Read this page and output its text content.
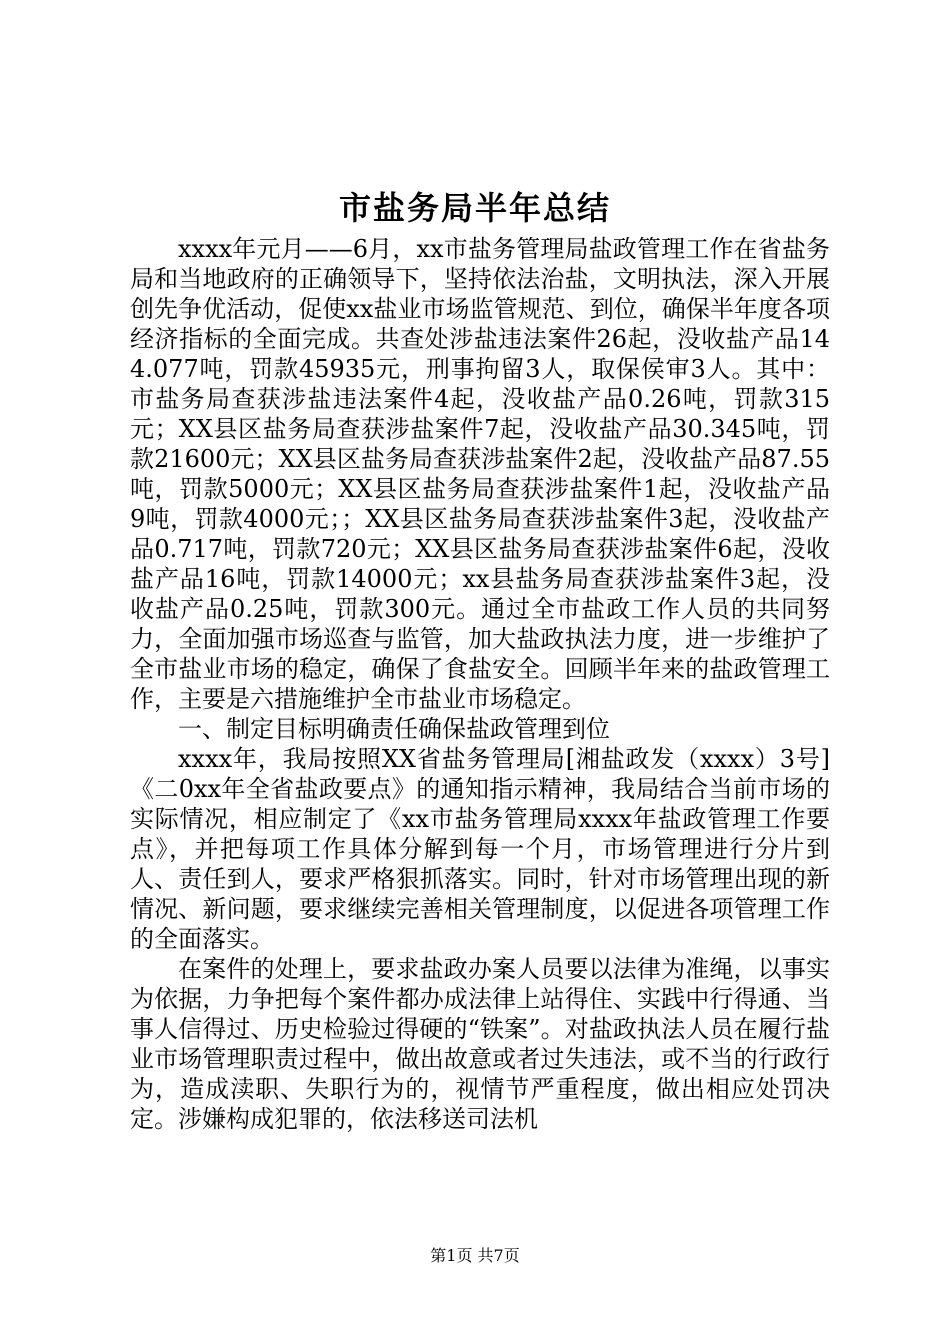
市盐务局半年总结

xxxx年元月——6月，xx市盐务管理局盐政管理工作在省盐务局和当地政府的正确领导下，坚持依法治盐，文明执法，深入开展创先争优活动，促使xx盐业市场监管规范、到位，确保半年度各项经济指标的全面完成。共查处涉盐违法案件26起，没收盐产品144.077吨，罚款45935元，刑事拘留3人，取保侯审3人。其中：市盐务局查获涉盐违法案件4起，没收盐产品0.26吨，罚款315元；XX县区盐务局查获涉盐案件7起，没收盐产品30.345吨，罚款21600元；XX县区盐务局查获涉盐案件2起，没收盐产品87.55吨，罚款5000元；XX县区盐务局查获涉盐案件1起，没收盐产品9吨，罚款4000元；；XX县区盐务局查获涉盐案件3起，没收盐产品0.717吨，罚款720元；XX县区盐务局查获涉盐案件6起，没收盐产品16吨，罚款14000元；xx县盐务局查获涉盐案件3起，没收盐产品0.25吨，罚款300元。通过全市盐政工作人员的共同努力，全面加强市场巡查与监管，加大盐政执法力度，进一步维护了全市盐业市场的稳定，确保了食盐安全。回顾半年来的盐政管理工作，主要是六措施维护全市盐业市场稳定。

一、制定目标明确责任确保盐政管理到位

xxxx年，我局按照XX省盐务管理局[湘盐政发（xxxx）3号]《二0xx年全省盐政要点》的通知指示精神，我局结合当前市场的实际情况，相应制定了《xx市盐务管理局xxxx年盐政管理工作要点》，并把每项工作具体分解到每一个月，市场管理进行分片到人、责任到人，要求严格狠抓落实。同时，针对市场管理出现的新情况、新问题，要求继续完善相关管理制度，以促进各项管理工作的全面落实。

在案件的处理上，要求盐政办案人员要以法律为准绳，以事实为依据，力争把每个案件都办成法律上站得住、实践中行得通、当事人信得过、历史检验过得硬的“铁案”。对盐政执法人员在履行盐业市场管理职责过程中，做出故意或者过失违法，或不当的行政行为，造成渎职、失职行为的，视情节严重程度，做出相应处罚决定。涉嫌构成犯罪的，依法移送司法机

第1页 共7页
